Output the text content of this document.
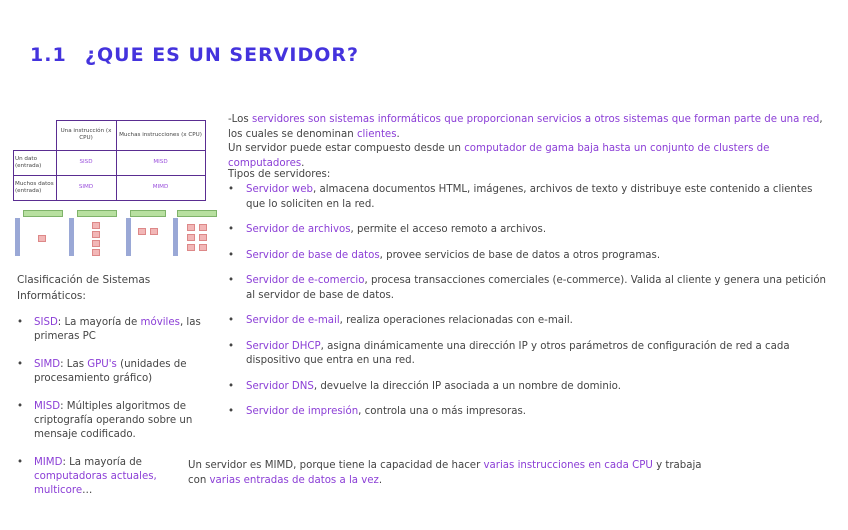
1.1 ¿QUE ES UN SERVIDOR?
	Una instrucción (x CPU)	Muchas instrucciones (x CPU)
Un dato (entrada)	SISD	MISD
Muchos datos (entrada)	SIMD	MIMD

Clasificación de Sistemas Informáticos:

• SISD: La mayoría de móviles, las primeras PC
• SIMD: Las GPU's (unidades de procesamiento gráfico)
• MISD: Múltiples algoritmos de criptografía operando sobre un mensaje codificado.
• MIMD: La mayoría de computadoras actuales, multicore…

-Los servidores son sistemas informáticos que proporcionan servicios a otros sistemas que forman parte de una red, los cuales se denominan clientes.
Un servidor puede estar compuesto desde un computador de gama baja hasta un conjunto de clusters de computadores.

Tipos de servidores:

• Servidor web, almacena documentos HTML, imágenes, archivos de texto y distribuye este contenido a clientes que lo soliciten en la red.
• Servidor de archivos, permite el acceso remoto a archivos.
• Servidor de base de datos, provee servicios de base de datos a otros programas.
• Servidor de e-comercio, procesa transacciones comerciales (e-commerce). Valida al cliente y genera una petición al servidor de base de datos.
• Servidor de e-mail, realiza operaciones relacionadas con e-mail.
• Servidor DHCP, asigna dinámicamente una dirección IP y otros parámetros de configuración de red a cada dispositivo que entra en una red.
• Servidor DNS, devuelve la dirección IP asociada a un nombre de dominio.
• Servidor de impresión, controla una o más impresoras.

Un servidor es MIMD, porque tiene la capacidad de hacer varias instrucciones en cada CPU y trabaja con varias entradas de datos a la vez.
